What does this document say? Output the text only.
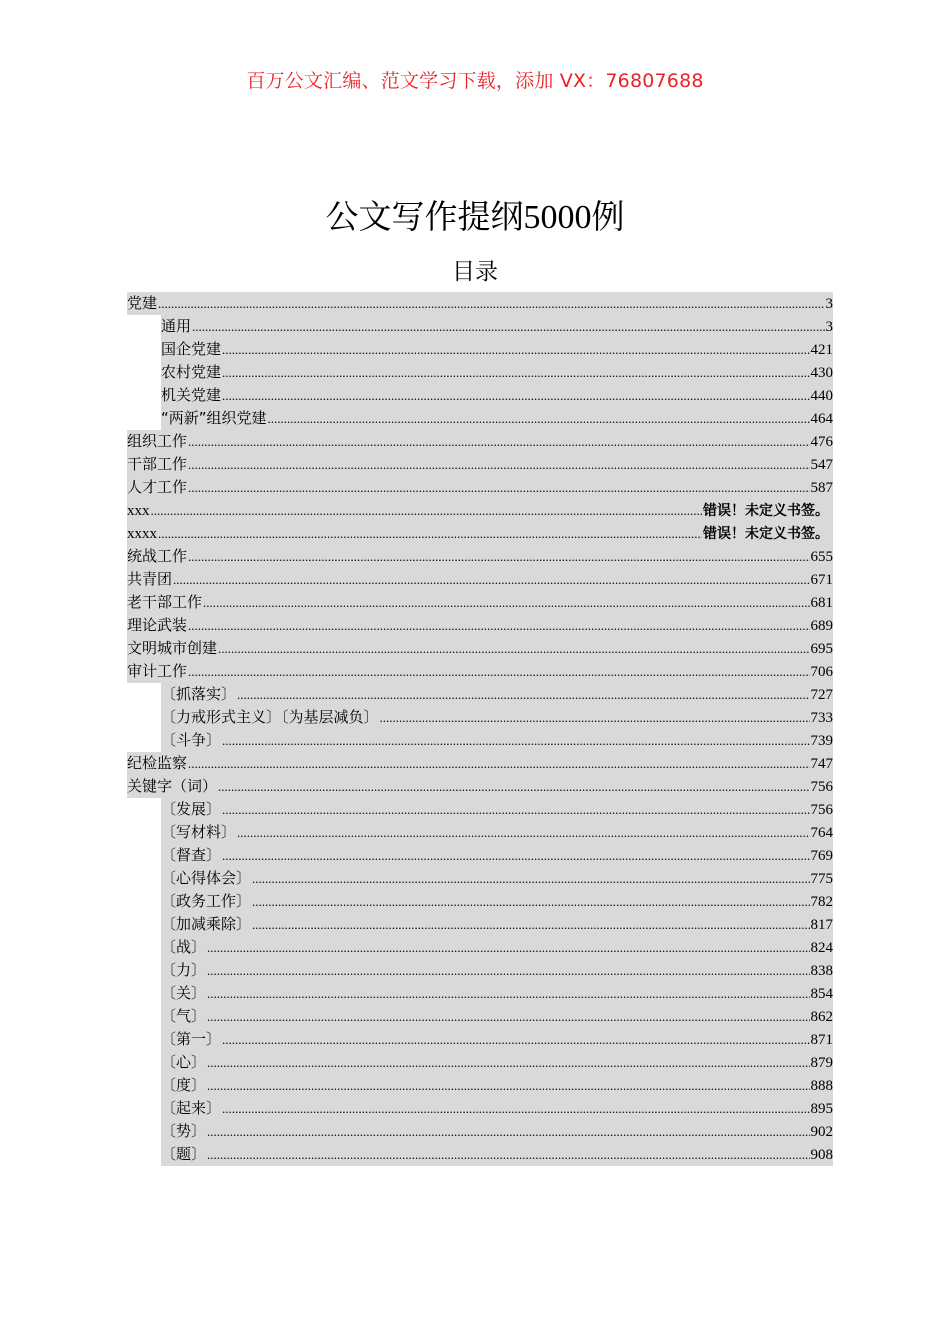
百万公文汇编、范文学习下载，添加 VX：76807688
公文写作提纲5000例
目录
党建 .....	3
通用 .....	3
国企党建 .....	421
农村党建 .....	430
机关党建 .....	440
“两新”组织党建 .....	464
组织工作 .....	476
干部工作 .....	547
人才工作 .....	587
xxx .....	错误！未定义书签。
xxxx .....	错误！未定义书签。
统战工作 .....	655
共青团 .....	671
老干部工作 .....	681
理论武装 .....	689
文明城市创建 .....	695
审计工作 .....	706
〔抓落实〕 .....	727
〔力戒形式主义〕〔为基层减负〕 .....	733
〔斗争〕 .....	739
纪检监察 .....	747
关键字（词） .....	756
〔发展〕 .....	756
〔写材料〕 .....	764
〔督查〕 .....	769
〔心得体会〕 .....	775
〔政务工作〕 .....	782
〔加减乘除〕 .....	817
〔战〕 .....	824
〔力〕 .....	838
〔关〕 .....	854
〔气〕 .....	862
〔第一〕 .....	871
〔心〕 .....	879
〔度〕 .....	888
〔起来〕 .....	895
〔势〕 .....	902
〔题〕 .....	908
